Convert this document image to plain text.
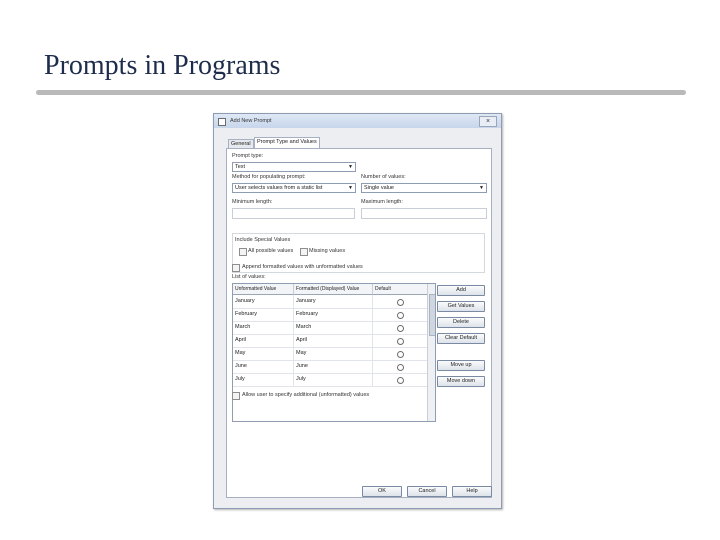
Prompts in Programs
Add New Prompt	×
General	Prompt Type and Values
Prompt type:
Text	▼
Method for populating prompt:
User selects values from a static list	▼
Number of values:
Single value	▼
Minimum length:	Maximum length:
Include Special Values
All possible values	Missing values
Append formatted values with unformatted values
List of values:
Unformatted Value	Formatted (Displayed) Value	Default
January	January
February	February
March	March
April	April
May	May
June	June
July	July
Add
Get Values
Delete
Clear Default
Move up
Move down
Allow user to specify additional (unformatted) values
OK	Cancel	Help
